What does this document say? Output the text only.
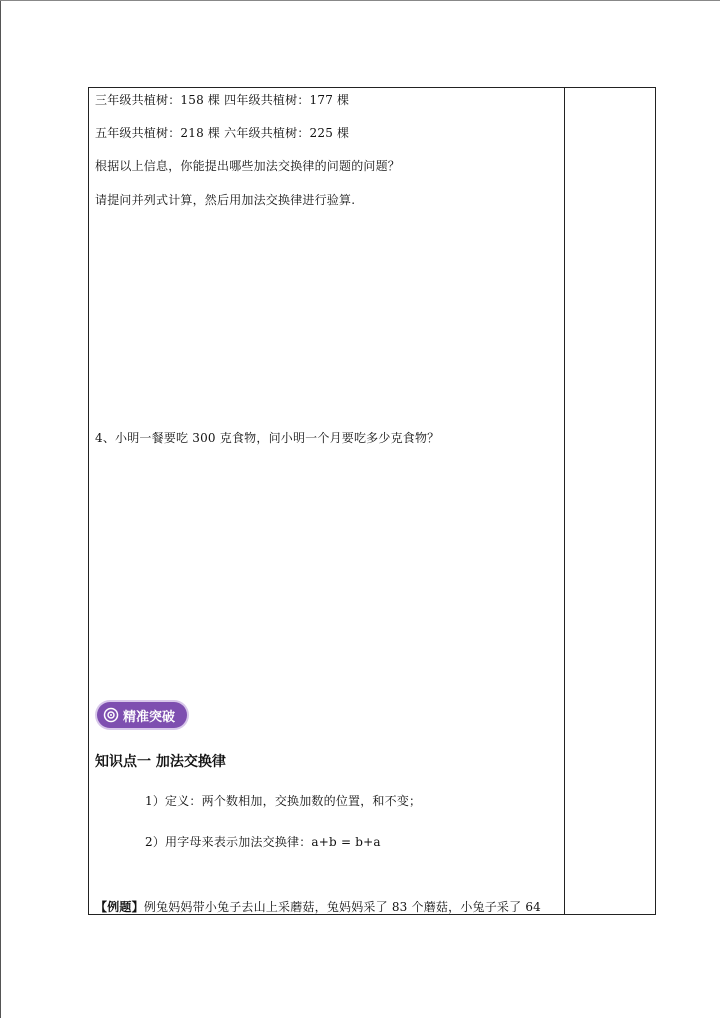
三年级共植树：158 棵 四年级共植树：177 棵
五年级共植树：218 棵 六年级共植树：225 棵
根据以上信息，你能提出哪些加法交换律的问题的问题？
请提问并列式计算，然后用加法交换律进行验算.
4、小明一餐要吃 300 克食物，问小明一个月要吃多少克食物？
精准突破
知识点一 加法交换律
1）定义：两个数相加，交换加数的位置，和不变；
2）用字母来表示加法交换律：a+b = b+a
【例题】例兔妈妈带小兔子去山上采蘑菇，兔妈妈采了 83 个蘑菇，小兔子采了 64
